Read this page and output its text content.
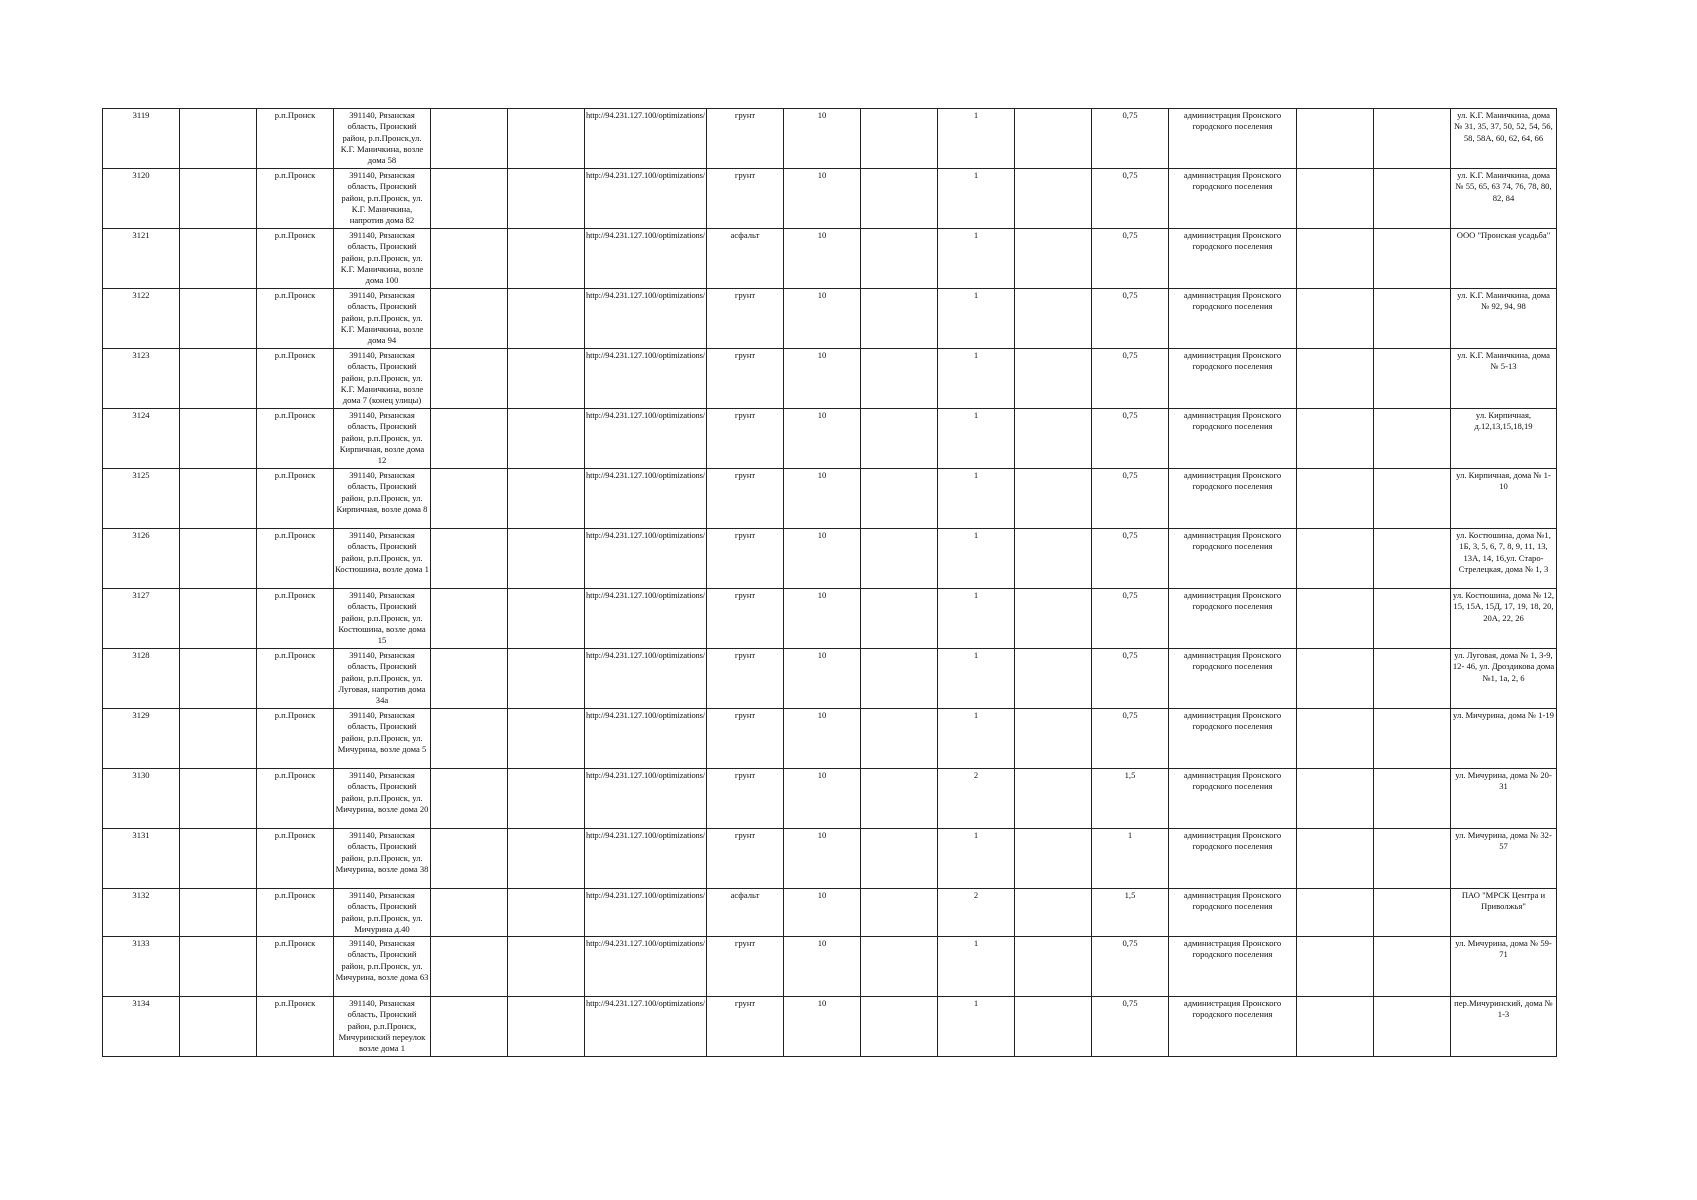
3119		р.п.Пронск	391140, Рязанская область, Пронский район, р.п.Пронск,ул. К.Г. Маничкина, возле дома 58			http://94.231.127.100/optimizations/	грунт	10		1		0,75	администрация Пронского городского поселения			ул. К.Г. Маничкина, дома № 31, 35, 37, 50, 52, 54, 56, 58, 58А, 60, 62, 64, 66
3120		р.п.Пронск	391140, Рязанская область, Пронский район, р.п.Пронск, ул. К.Г. Маничкина, напротив дома 82			http://94.231.127.100/optimizations/	грунт	10		1		0,75	администрация Пронского городского поселения			ул. К.Г. Маничкина, дома № 55, 65, 63 74, 76, 78, 80, 82, 84
3121		р.п.Пронск	391140, Рязанская область, Пронский район, р.п.Пронск, ул. К.Г. Маничкина, возле дома 100			http://94.231.127.100/optimizations/	асфальт	10		1		0,75	администрация Пронского городского поселения			ООО "Пронская усадьба"
3122		р.п.Пронск	391140, Рязанская область, Пронский район, р.п.Пронск, ул. К.Г. Маничкина, возле дома 94			http://94.231.127.100/optimizations/	грунт	10		1		0,75	администрация Пронского городского поселения			ул. К.Г. Маничкина, дома № 92, 94, 98
3123		р.п.Пронск	391140, Рязанская область, Пронский район, р.п.Пронск, ул. К.Г. Маничкина, возле дома 7 (конец улицы)			http://94.231.127.100/optimizations/	грунт	10		1		0,75	администрация Пронского городского поселения			ул. К.Г. Маничкина, дома № 5-13
3124		р.п.Пронск	391140, Рязанская область, Пронский район, р.п.Пронск, ул. Кирпичная, возле дома 12			http://94.231.127.100/optimizations/	грунт	10		1		0,75	администрация Пронского городского поселения			ул. Кирпичная, д.12,13,15,18,19
3125		р.п.Пронск	391140, Рязанская область, Пронский район, р.п.Пронск, ул. Кирпичная, возле дома 8			http://94.231.127.100/optimizations/	грунт	10		1		0,75	администрация Пронского городского поселения			ул. Кирпичная, дома № 1-10
3126		р.п.Пронск	391140, Рязанская область, Пронский район, р.п.Пронск, ул. Костюшина, возле дома 1			http://94.231.127.100/optimizations/	грунт	10		1		0,75	администрация Пронского городского поселения			ул. Костюшина, дома №1, 1Б, 3, 5, 6, 7, 8, 9, 11, 13, 13А, 14, 16,ул. Старо-Стрелецкая, дома № 1, 3
3127		р.п.Пронск	391140, Рязанская область, Пронский район, р.п.Пронск, ул. Костюшина, возле дома 15			http://94.231.127.100/optimizations/	грунт	10		1		0,75	администрация Пронского городского поселения			ул. Костюшина, дома № 12, 15, 15А, 15Д, 17, 19, 18, 20, 20А, 22, 26
3128		р.п.Пронск	391140, Рязанская область, Пронский район, р.п.Пронск, ул. Луговая, напротив дома 34а			http://94.231.127.100/optimizations/	грунт	10		1		0,75	администрация Пронского городского поселения			ул. Луговая, дома № 1, 3-9, 12- 46, ул. Дроздикова дома №1, 1а, 2, 6
3129		р.п.Пронск	391140, Рязанская область, Пронский район, р.п.Пронск, ул. Мичурина, возле дома 5			http://94.231.127.100/optimizations/	грунт	10		1		0,75	администрация Пронского городского поселения			ул. Мичурина, дома № 1-19
3130		р.п.Пронск	391140, Рязанская область, Пронский район, р.п.Пронск, ул. Мичурина, возле дома 20			http://94.231.127.100/optimizations/	грунт	10		2		1,5	администрация Пронского городского поселения			ул. Мичурина, дома № 20-31
3131		р.п.Пронск	391140, Рязанская область, Пронский район, р.п.Пронск, ул. Мичурина, возле дома 38			http://94.231.127.100/optimizations/	грунт	10		1		1	администрация Пронского городского поселения			ул. Мичурина, дома № 32-57
3132		р.п.Пронск	391140, Рязанская область, Пронский район, р.п.Пронск, ул. Мичурина д.40			http://94.231.127.100/optimizations/	асфальт	10		2		1,5	администрация Пронского городского поселения			ПАО "МРСК Центра и Приволжья"
3133		р.п.Пронск	391140, Рязанская область, Пронский район, р.п.Пронск, ул. Мичурина, возле дома 63			http://94.231.127.100/optimizations/	грунт	10		1		0,75	администрация Пронского городского поселения			ул. Мичурина, дома № 59-71
3134		р.п.Пронск	391140, Рязанская область, Пронский район, р.п.Пронск, Мичуринский переулок возле дома 1			http://94.231.127.100/optimizations/	грунт	10		1		0,75	администрация Пронского городского поселения			пер.Мичуринский, дома № 1-3
